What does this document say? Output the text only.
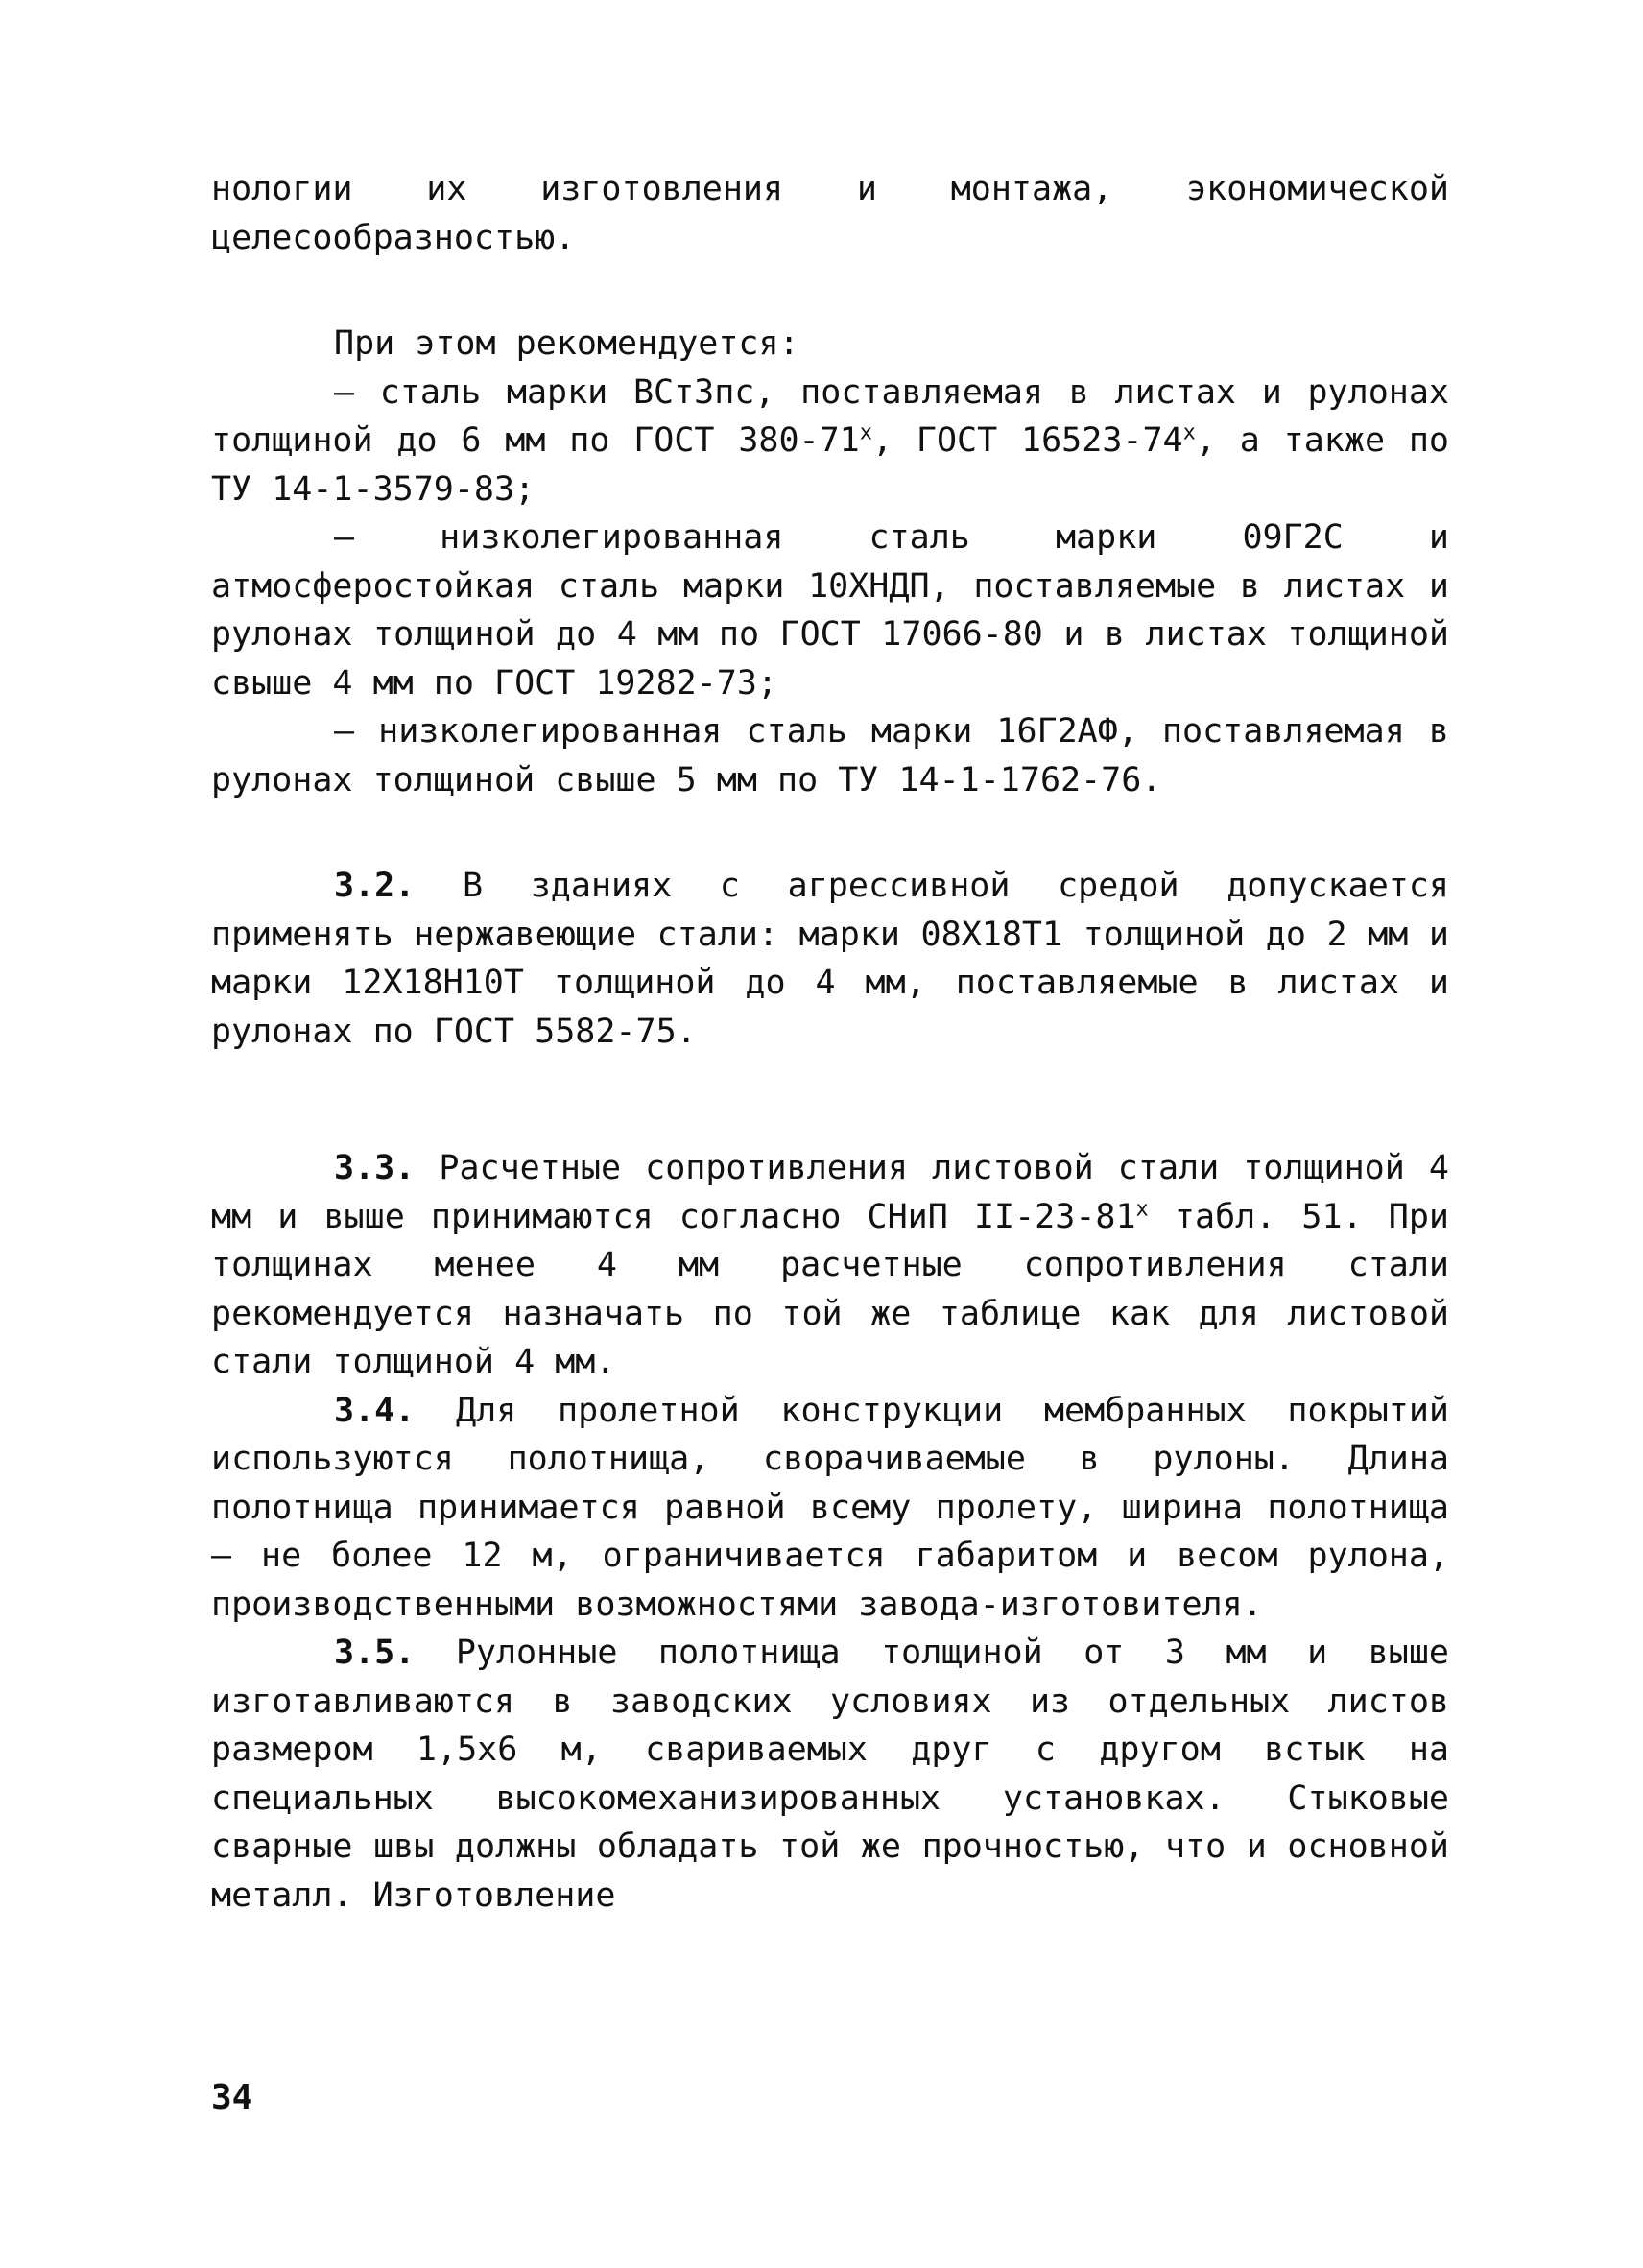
нологии их изготовления и монтажа, экономической целесообразностью.

При этом рекомендуется:

– сталь марки ВСт3пс, поставляемая в листах и рулонах толщиной до 6 мм по ГОСТ $380-71^х$, ГОСТ $16523-74^х$, а также по ТУ 14-1-3579-83;

– низколегированная сталь марки 09Г2С и атмосферостойкая сталь марки 10ХНДП, поставляемые в листах и рулонах толщиной до 4 мм по ГОСТ 17066-80 и в листах толщиной свыше 4 мм по ГОСТ 19282-73;

– низколегированная сталь марки 16Г2АФ, поставляемая в рулонах толщиной свыше 5 мм по ТУ 14-1-1762-76.

3.2. В зданиях с агрессивной средой допускается применять нержавеющие стали: марки 08Х18Т1 толщиной до 2 мм и марки 12Х18Н10Т толщиной до 4 мм, поставляемые в листах и рулонах по ГОСТ 5582-75.

3.3. Расчетные сопротивления листовой стали толщиной 4 мм и выше принимаются согласно СНиП $II-23-81^х$ табл. 51. При толщинах менее 4 мм расчетные сопротивления стали рекомендуется назначать по той же таблице как для листовой стали толщиной 4 мм.

3.4. Для пролетной конструкции мембранных покрытий используются полотнища, сворачиваемые в рулоны. Длина полотнища принимается равной всему пролету, ширина полотнища – не более 12 м, ограничивается габаритом и весом рулона, производственными возможностями завода-изготовителя.

3.5. Рулонные полотнища толщиной от 3 мм и выше изготавливаются в заводских условиях из отдельных листов размером 1,5х6 м, свариваемых друг с другом встык на специальных высокомеханизированных установках. Стыковые сварные швы должны обладать той же прочностью, что и основной металл. Изготовление

34
